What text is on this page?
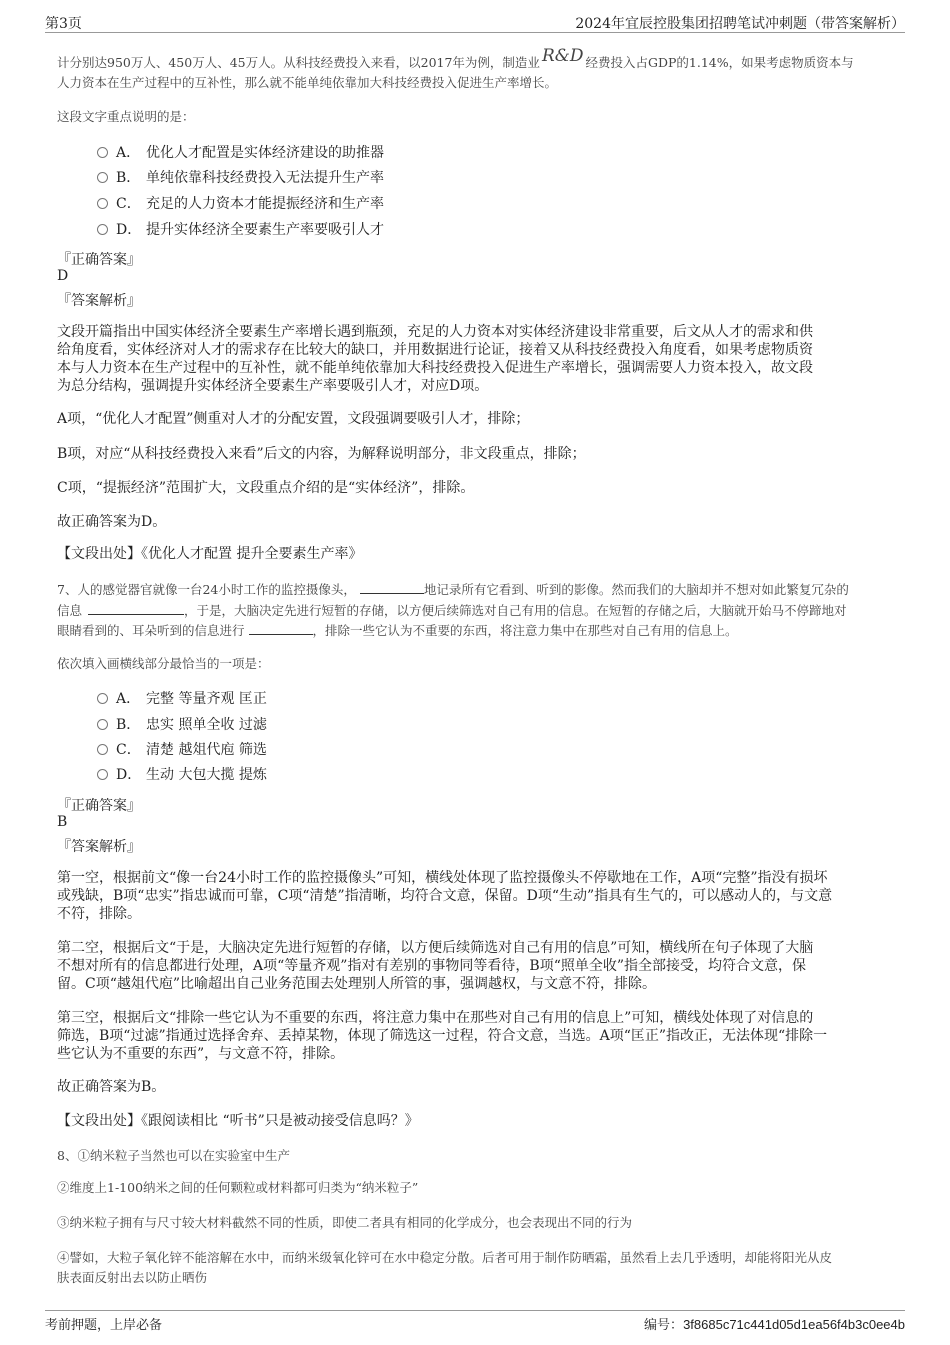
第3页	2024年宜辰控股集团招聘笔试冲刺题（带答案解析）
计分别达950万人、450万人、45万人。从科技经费投入来看，以2017年为例，制造业 R&D 经费投入占GDP的1.14%，如果考虑物质资本与
人力资本在生产过程中的互补性，那么就不能单纯依靠加大科技经费投入促进生产率增长。
这段文字重点说明的是：
A． 优化人才配置是实体经济建设的助推器
B． 单纯依靠科技经费投入无法提升生产率
C． 充足的人力资本才能提振经济和生产率
D． 提升实体经济全要素生产率要吸引人才
『正确答案』
D
『答案解析』
文段开篇指出中国实体经济全要素生产率增长遇到瓶颈，充足的人力资本对实体经济建设非常重要，后文从人才的需求和供
给角度看，实体经济对人才的需求存在比较大的缺口，并用数据进行论证，接着又从科技经费投入角度看，如果考虑物质资
本与人力资本在生产过程中的互补性，就不能单纯依靠加大科技经费投入促进生产率增长，强调需要人力资本投入，故文段
为总分结构，强调提升实体经济全要素生产率要吸引人才，对应D项。
A项，“优化人才配置”侧重对人才的分配安置，文段强调要吸引人才，排除；
B项，对应“从科技经费投入来看”后文的内容，为解释说明部分，非文段重点，排除；
C项，“提振经济”范围扩大，文段重点介绍的是“实体经济”，排除。
故正确答案为D。
【文段出处】《优化人才配置 提升全要素生产率》
7、人的感觉器官就像一台24小时工作的监控摄像头，	地记录所有它看到、听到的影像。然而我们的大脑却并不想对如此繁复冗杂的
信息	，于是，大脑决定先进行短暂的存储，以方便后续筛选对自己有用的信息。在短暂的存储之后，大脑就开始马不停蹄地对
眼睛看到的、耳朵听到的信息进行	，排除一些它认为不重要的东西，将注意力集中在那些对自己有用的信息上。
依次填入画横线部分最恰当的一项是：
A． 完整 等量齐观 匡正
B． 忠实 照单全收 过滤
C． 清楚 越俎代庖 筛选
D． 生动 大包大揽 提炼
『正确答案』
B
『答案解析』
第一空，根据前文“像一台24小时工作的监控摄像头”可知，横线处体现了监控摄像头不停歇地在工作，A项“完整”指没有损坏
或残缺，B项“忠实”指忠诚而可靠，C项“清楚”指清晰，均符合文意，保留。D项“生动”指具有生气的，可以感动人的，与文意
不符，排除。
第二空，根据后文“于是，大脑决定先进行短暂的存储，以方便后续筛选对自己有用的信息”可知，横线所在句子体现了大脑
不想对所有的信息都进行处理，A项“等量齐观”指对有差别的事物同等看待，B项“照单全收”指全部接受，均符合文意，保
留。C项“越俎代庖”比喻超出自己业务范围去处理别人所管的事，强调越权，与文意不符，排除。
第三空，根据后文“排除一些它认为不重要的东西，将注意力集中在那些对自己有用的信息上”可知，横线处体现了对信息的
筛选，B项“过滤”指通过选择舍弃、丢掉某物，体现了筛选这一过程，符合文意，当选。A项“匡正”指改正，无法体现“排除一
些它认为不重要的东西”，与文意不符，排除。
故正确答案为B。
【文段出处】《跟阅读相比 “听书”只是被动接受信息吗？》
8、①纳米粒子当然也可以在实验室中生产
②维度上1-100纳米之间的任何颗粒或材料都可归类为“纳米粒子”
③纳米粒子拥有与尺寸较大材料截然不同的性质，即使二者具有相同的化学成分，也会表现出不同的行为
④譬如，大粒子氧化锌不能溶解在水中，而纳米级氧化锌可在水中稳定分散。后者可用于制作防晒霜，虽然看上去几乎透明，却能将阳光从皮
肤表面反射出去以防止晒伤
考前押题，上岸必备	编号：3f8685c71c441d05d1ea56f4b3c0ee4b
